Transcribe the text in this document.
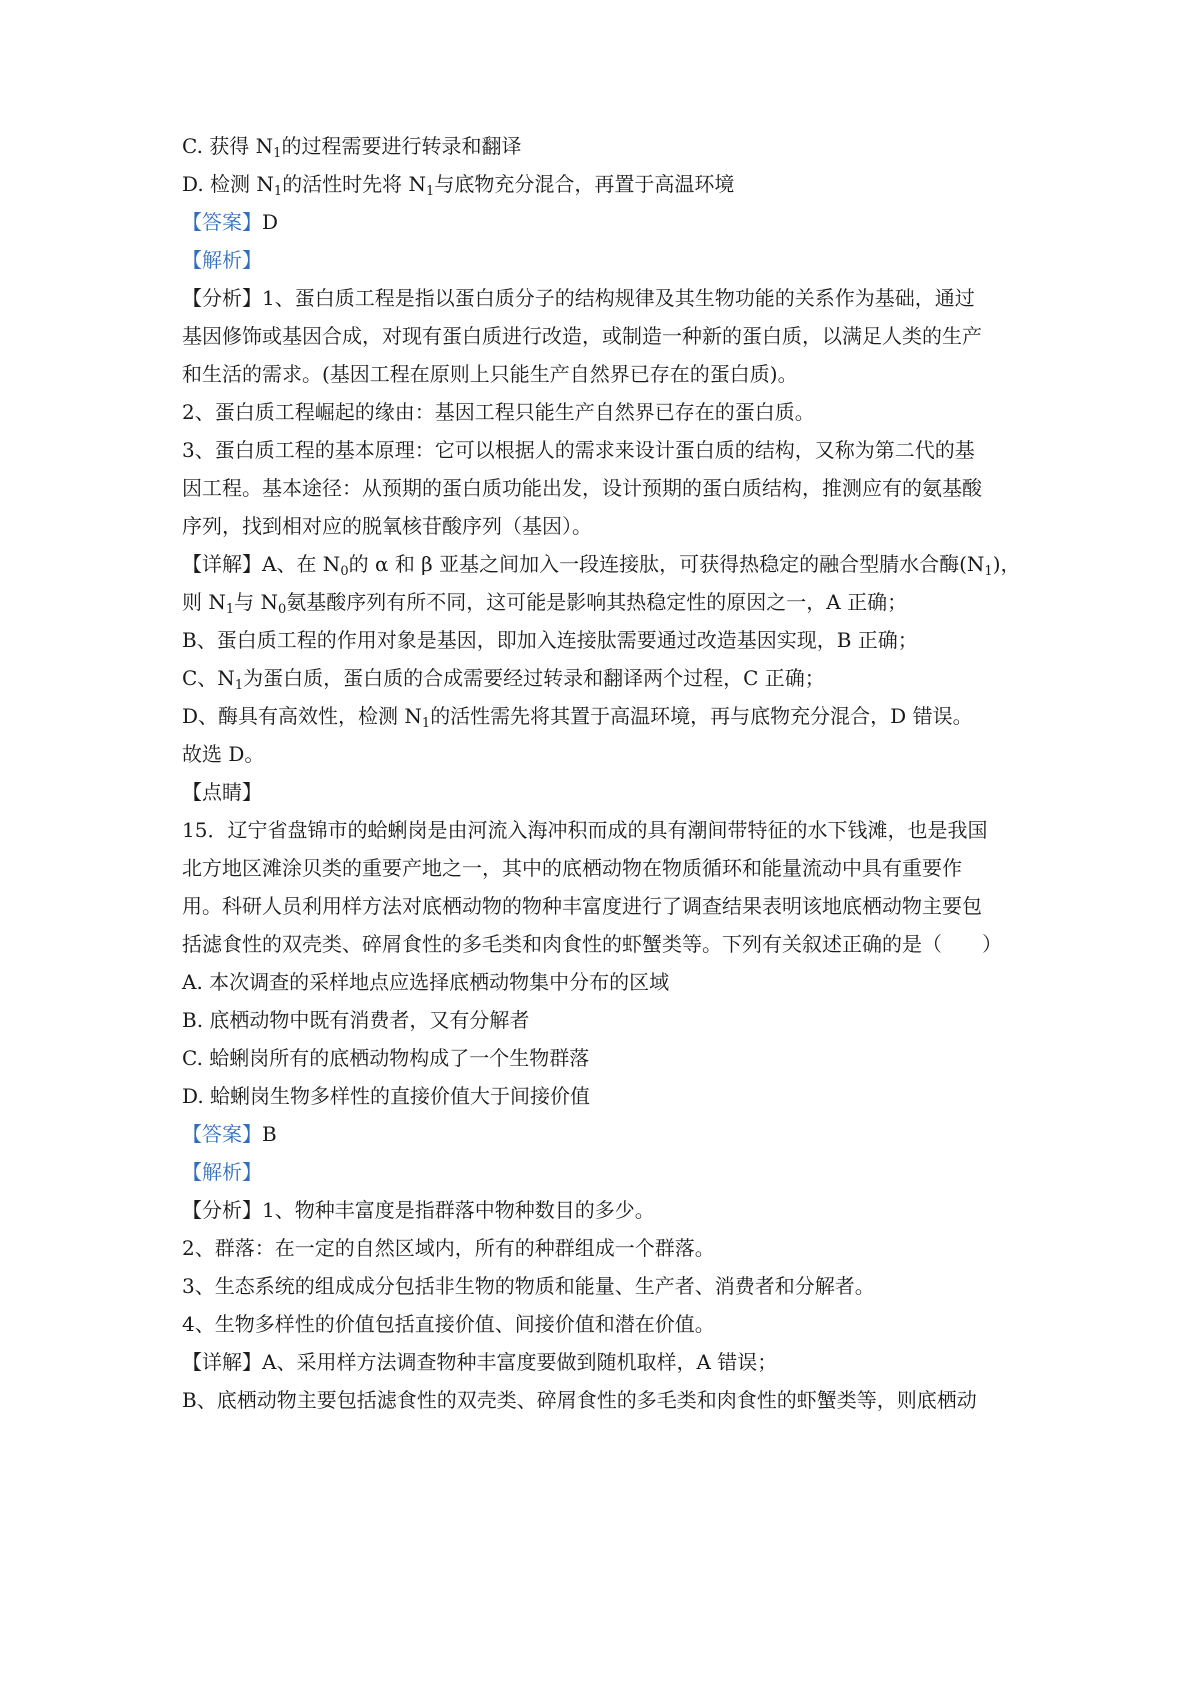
C. 获得 $N_1$的过程需要进行转录和翻译
D. 检测 $N_1$的活性时先将 $N_1$与底物充分混合，再置于高温环境
【答案】D
【解析】
【分析】1、蛋白质工程是指以蛋白质分子的结构规律及其生物功能的关系作为基础，通过
基因修饰或基因合成，对现有蛋白质进行改造，或制造一种新的蛋白质，以满足人类的生产
和生活的需求。(基因工程在原则上只能生产自然界已存在的蛋白质)。
2、蛋白质工程崛起的缘由：基因工程只能生产自然界已存在的蛋白质。
3、蛋白质工程的基本原理：它可以根据人的需求来设计蛋白质的结构，又称为第二代的基
因工程。基本途径：从预期的蛋白质功能出发，设计预期的蛋白质结构，推测应有的氨基酸
序列，找到相对应的脱氧核苷酸序列（基因）。
【详解】A、在 $N_0$的 α 和 β 亚基之间加入一段连接肽，可获得热稳定的融合型腈水合酶$(N_1)$，
则 $N_1$与 $N_0$氨基酸序列有所不同，这可能是影响其热稳定性的原因之一，A 正确；
B、蛋白质工程的作用对象是基因，即加入连接肽需要通过改造基因实现，B 正确；
C、$N_1$为蛋白质，蛋白质的合成需要经过转录和翻译两个过程，C 正确；
D、酶具有高效性，检测 $N_1$的活性需先将其置于高温环境，再与底物充分混合，D 错误。
故选 D。
【点睛】
15．辽宁省盘锦市的蛤蜊岗是由河流入海冲积而成的具有潮间带特征的水下钱滩，也是我国
北方地区滩涂贝类的重要产地之一，其中的底栖动物在物质循环和能量流动中具有重要作
用。科研人员利用样方法对底栖动物的物种丰富度进行了调查结果表明该地底栖动物主要包
括滤食性的双壳类、碎屑食性的多毛类和肉食性的虾蟹类等。下列有关叙述正确的是（　　）
A. 本次调查的采样地点应选择底栖动物集中分布的区域
B. 底栖动物中既有消费者，又有分解者
C. 蛤蜊岗所有的底栖动物构成了一个生物群落
D. 蛤蜊岗生物多样性的直接价值大于间接价值
【答案】B
【解析】
【分析】1、物种丰富度是指群落中物种数目的多少。
2、群落：在一定的自然区域内，所有的种群组成一个群落。
3、生态系统的组成成分包括非生物的物质和能量、生产者、消费者和分解者。
4、生物多样性的价值包括直接价值、间接价值和潜在价值。
【详解】A、采用样方法调查物种丰富度要做到随机取样，A 错误；
B、底栖动物主要包括滤食性的双壳类、碎屑食性的多毛类和肉食性的虾蟹类等，则底栖动
